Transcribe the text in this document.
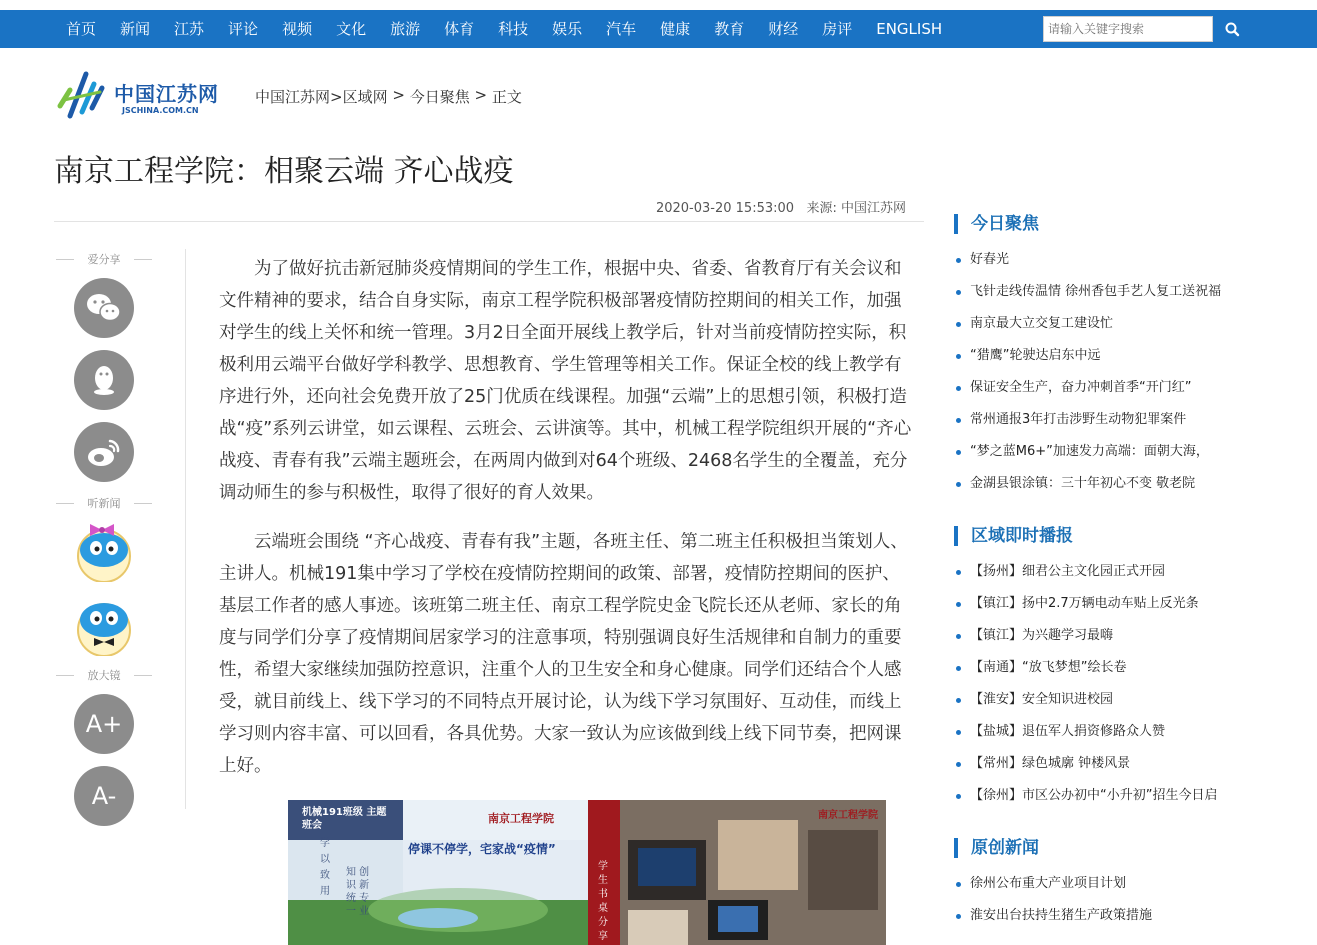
首页	新闻	江苏	评论	视频	文化	旅游	体育	科技	娱乐	汽车	健康	教育	财经	房评	ENGLISH
请输入关键字搜索
中国江苏网
JSCHINA.COM.CN
中国江苏网>区域网 > 今日聚焦 > 正文
南京工程学院：相聚云端 齐心战疫
2020-03-20 15:53:00 来源: 中国江苏网
爱分享
听新闻
放大镜
A+
A-

为了做好抗击新冠肺炎疫情期间的学生工作，根据中央、省委、省教育厅有关会议和文件精神的要求，结合自身实际，南京工程学院积极部署疫情防控期间的相关工作，加强对学生的线上关怀和统一管理。3月2日全面开展线上教学后，针对当前疫情防控实际，积极利用云端平台做好学科教学、思想教育、学生管理等相关工作。保证全校的线上教学有序进行外，还向社会免费开放了25门优质在线课程。加强“云端”上的思想引领，积极打造战“疫”系列云讲堂，如云课程、云班会、云讲演等。其中，机械工程学院组织开展的“齐心战疫、青春有我”云端主题班会，在两周内做到对64个班级、2468名学生的全覆盖，充分调动师生的参与积极性，取得了很好的育人效果。

云端班会围绕 “齐心战疫、青春有我”主题，各班主任、第二班主任积极担当策划人、主讲人。机械191集中学习了学校在疫情防控期间的政策、部署，疫情防控期间的医护、基层工作者的感人事迹。该班第二班主任、南京工程学院史金飞院长还从老师、家长的角度与同学们分享了疫情期间居家学习的注意事项，特别强调良好生活规律和自制力的重要性，希望大家继续加强防控意识，注重个人的卫生安全和身心健康。同学们还结合个人感受，就目前线上、线下学习的不同特点开展讨论，认为线下学习氛围好、互动佳，而线上学习则内容丰富、可以回看，各具优势。大家一致认为应该做到线上线下同节奏，把网课上好。

机械191班级 主题班会
停课不停学，宅家战“疫情”
学 以 致 用
知 创 识 新 统 专 一 业
南京工程学院	南京工程学院
学 生 书 桌 分 享
今日聚焦
好春光
飞针走线传温情 徐州香包手艺人复工送祝福
南京最大立交复工建设忙
“猎鹰”轮驶达启东中远
保证安全生产，奋力冲刺首季“开门红”
常州通报3年打击涉野生动物犯罪案件
“梦之蓝M6+”加速发力高端：面朝大海，
金湖县银涂镇：三十年初心不变 敬老院
区域即时播报
【扬州】细君公主文化园正式开园
【镇江】扬中2.7万辆电动车贴上反光条
【镇江】为兴趣学习最嗨
【南通】“放飞梦想”绘长卷
【淮安】安全知识进校园
【盐城】退伍军人捐资修路众人赞
【常州】绿色城廓 钟楼风景
【徐州】市区公办初中“小升初”招生今日启
原创新闻
徐州公布重大产业项目计划
淮安出台扶持生猪生产政策措施
